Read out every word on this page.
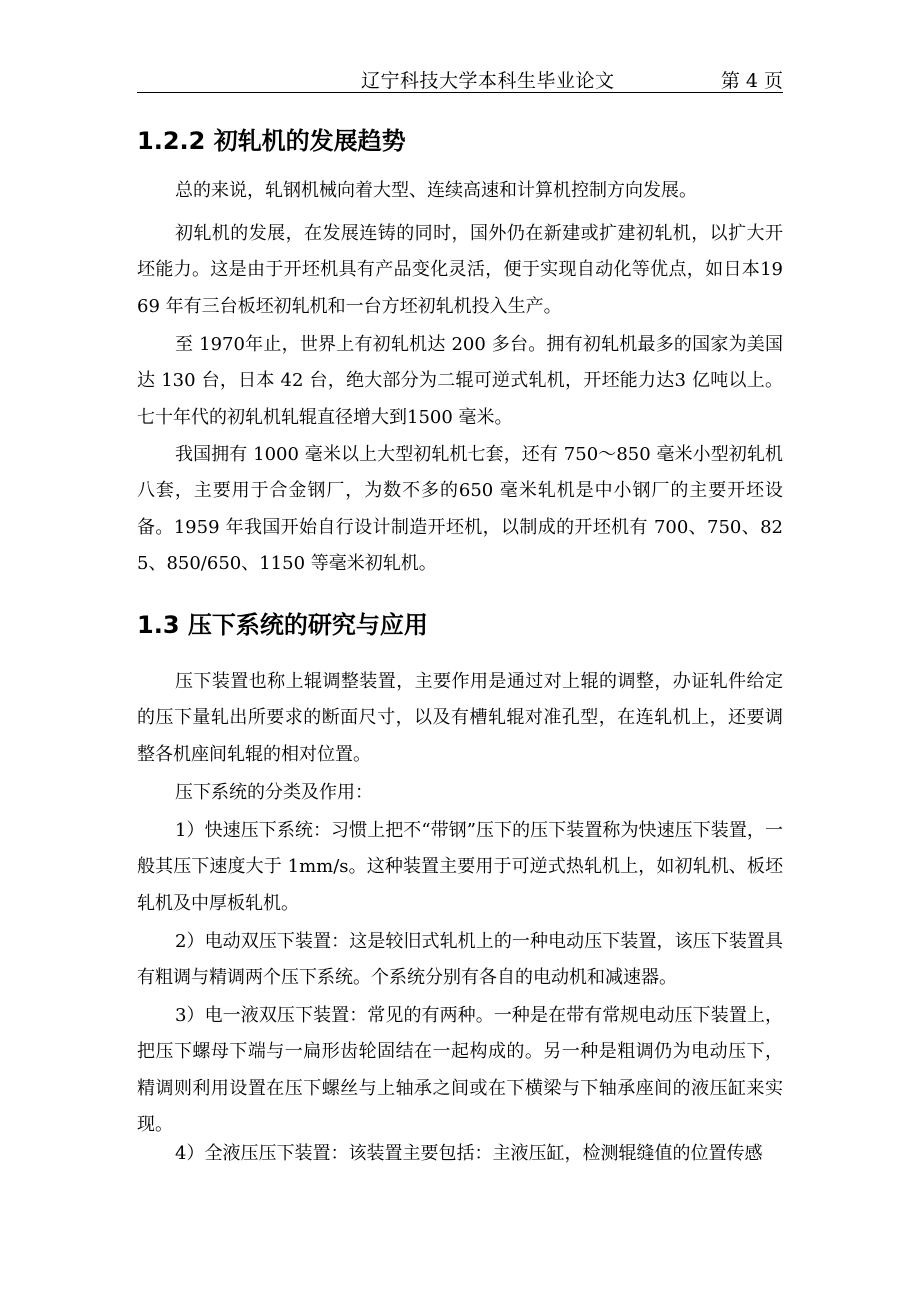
辽宁科技大学本科生毕业论文	第 4 页
1.2.2 初轧机的发展趋势

总的来说，轧钢机械向着大型、连续高速和计算机控制方向发展。

初轧机的发展，在发展连铸的同时，国外仍在新建或扩建初轧机，以扩大开坯能力。这是由于开坯机具有产品变化灵活，便于实现自动化等优点，如日本1969 年有三台板坯初轧机和一台方坯初轧机投入生产。

至 1970年止，世界上有初轧机达 200 多台。拥有初轧机最多的国家为美国达 130 台，日本 42 台，绝大部分为二辊可逆式轧机，开坯能力达3 亿吨以上。七十年代的初轧机轧辊直径增大到1500 毫米。

我国拥有 1000 毫米以上大型初轧机七套，还有 750～850 毫米小型初轧机八套，主要用于合金钢厂，为数不多的650 毫米轧机是中小钢厂的主要开坯设备。1959 年我国开始自行设计制造开坯机，以制成的开坯机有 700、750、825、850/650、1150 等毫米初轧机。

1.3 压下系统的研究与应用

压下装置也称上辊调整装置，主要作用是通过对上辊的调整，办证轧件给定的压下量轧出所要求的断面尺寸，以及有槽轧辊对准孔型，在连轧机上，还要调整各机座间轧辊的相对位置。

压下系统的分类及作用：

1）快速压下系统：习惯上把不“带钢”压下的压下装置称为快速压下装置，一般其压下速度大于 1mm/s。这种装置主要用于可逆式热轧机上，如初轧机、板坯轧机及中厚板轧机。

2）电动双压下装置：这是较旧式轧机上的一种电动压下装置，该压下装置具有粗调与精调两个压下系统。个系统分别有各自的电动机和减速器。

3）电一液双压下装置：常见的有两种。一种是在带有常规电动压下装置上，把压下螺母下端与一扁形齿轮固结在一起构成的。另一种是粗调仍为电动压下，精调则利用设置在压下螺丝与上轴承之间或在下横梁与下轴承座间的液压缸来实现。

4）全液压压下装置：该装置主要包括：主液压缸，检测辊缝值的位置传感
